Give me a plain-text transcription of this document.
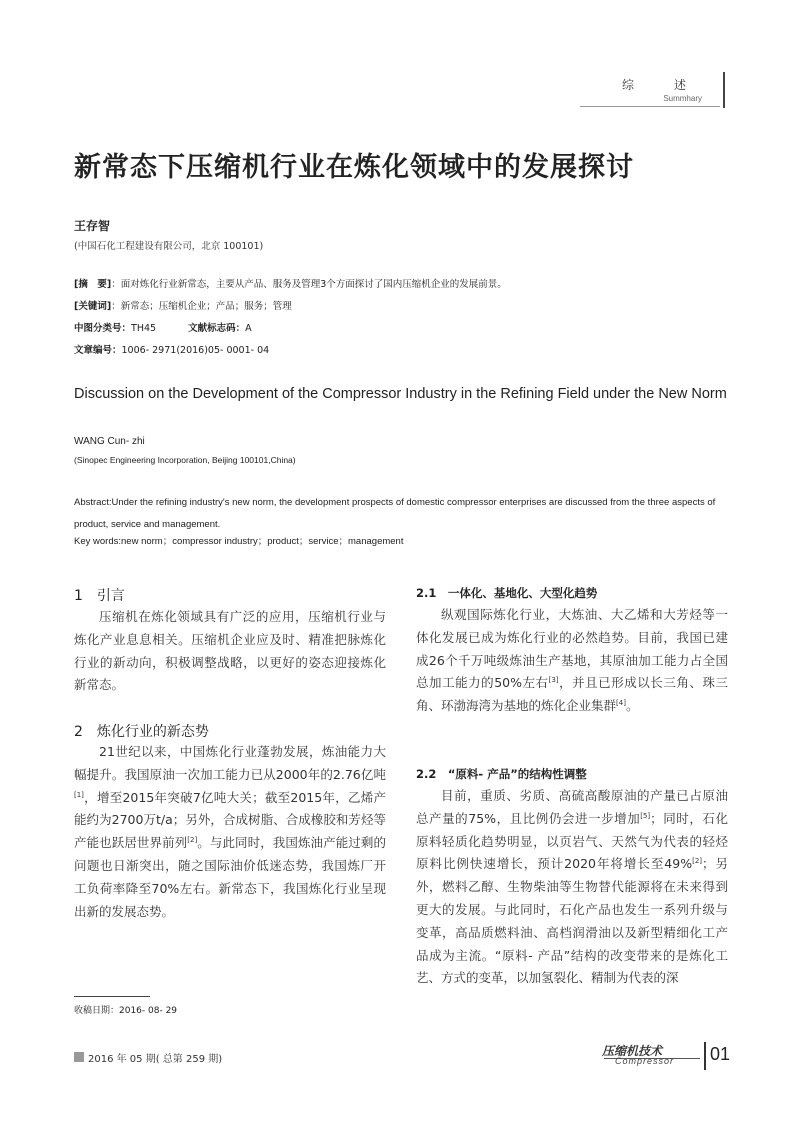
综　述
Summhary
新常态下压缩机行业在炼化领域中的发展探讨
王存智
(中国石化工程建设有限公司，北京 100101)
[摘　要]：面对炼化行业新常态，主要从产品、服务及管理3个方面探讨了国内压缩机企业的发展前景。
[关键词]：新常态；压缩机企业；产品；服务；管理
中图分类号：TH45	文献标志码：A
文章编号：1006- 2971(2016)05- 0001- 04
Discussion on the Development of the Compressor Industry in the Refining Field under the New Norm
WANG Cun- zhi
(Sinopec Engineering Incorporation, Beijing 100101,China)
Abstract:Under the refining industry's new norm, the development prospects of domestic compressor enterprises are discussed from the three aspects of product, service and management.
Key words:new norm；compressor industry；product；service；management
1　引言
压缩机在炼化领域具有广泛的应用，压缩机行业与炼化产业息息相关。压缩机企业应及时、精准把脉炼化行业的新动向，积极调整战略，以更好的姿态迎接炼化新常态。
2　炼化行业的新态势
21世纪以来，中国炼化行业蓬勃发展，炼油能力大幅提升。我国原油一次加工能力已从2000年的2.76亿吨[1]，增至2015年突破7亿吨大关；截至2015年，乙烯产能约为2700万t/a；另外，合成树脂、合成橡胶和芳烃等产能也跃居世界前列[2]。与此同时，我国炼油产能过剩的问题也日渐突出，随之国际油价低迷态势，我国炼厂开工负荷率降至70%左右。新常态下，我国炼化行业呈现出新的发展态势。
2.1　一体化、基地化、大型化趋势
纵观国际炼化行业，大炼油、大乙烯和大芳烃等一体化发展已成为炼化行业的必然趋势。目前，我国已建成26个千万吨级炼油生产基地，其原油加工能力占全国总加工能力的50%左右[3]，并且已形成以长三角、珠三角、环渤海湾为基地的炼化企业集群[4]。
2.2　“原料- 产品”的结构性调整
目前，重质、劣质、高硫高酸原油的产量已占原油总产量的75%，且比例仍会进一步增加[5]；同时，石化原料轻质化趋势明显，以页岩气、天然气为代表的轻烃原料比例快速增长，预计2020年将增长至49%[2]；另外，燃料乙醇、生物柴油等生物替代能源将在未来得到更大的发展。与此同时，石化产品也发生一系列升级与变革，高品质燃料油、高档润滑油以及新型精细化工产品成为主流。“原料- 产品”结构的改变带来的是炼化工艺、方式的变革，以加氢裂化、精制为代表的深
收稿日期：2016- 08- 29
2016 年 05 期( 总第 259 期)
压缩机技术
Compressor 01
